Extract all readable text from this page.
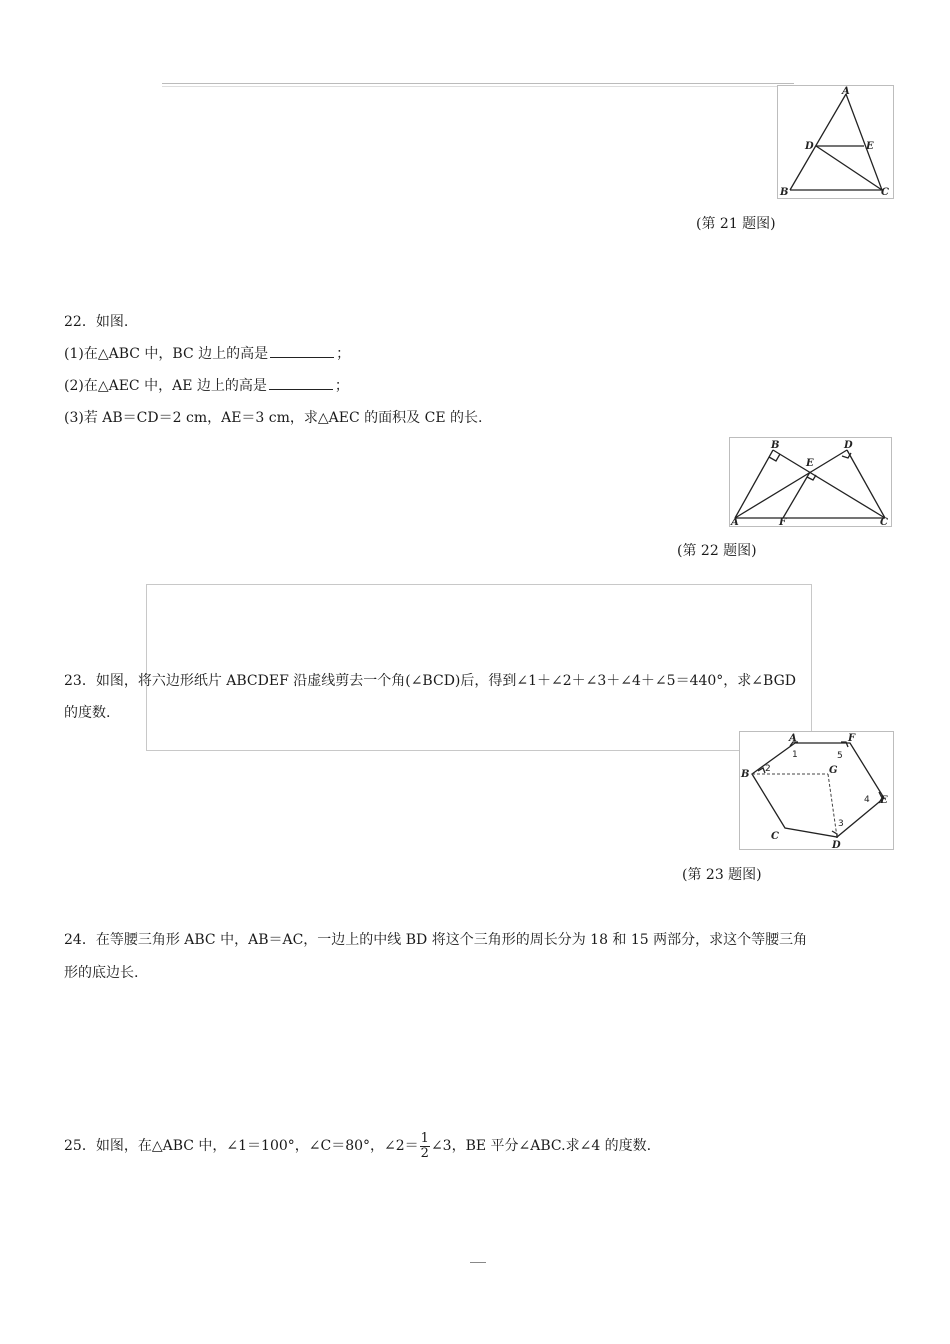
A
B	C
D	E
(第 21 题图)
22．如图.
(1)在△ABC 中，BC 边上的高是	；
(2)在△AEC 中，AE 边上的高是	；
(3)若 AB＝CD＝2 cm，AE＝3 cm，求△AEC 的面积及 CE 的长.
A
B
C
D
E
F
(第 22 题图)
23．如图，将六边形纸片 ABCDEF 沿虚线剪去一个角(∠BCD)后，得到∠1＋∠2＋∠3＋∠4＋∠5＝440°，求∠BGD
的度数.
A	F
B	G
E
C
D
1
2
3
4
5
(第 23 题图)
24．在等腰三角形 ABC 中，AB＝AC，一边上的中线 BD 将这个三角形的周长分为 18 和 15 两部分，求这个等腰三角
形的底边长.
25．如图，在△ABC 中，∠1＝100°，∠C＝80°，∠2＝ $\frac{1}{2}$ ∠3，BE 平分∠ABC.求∠4 的度数.
